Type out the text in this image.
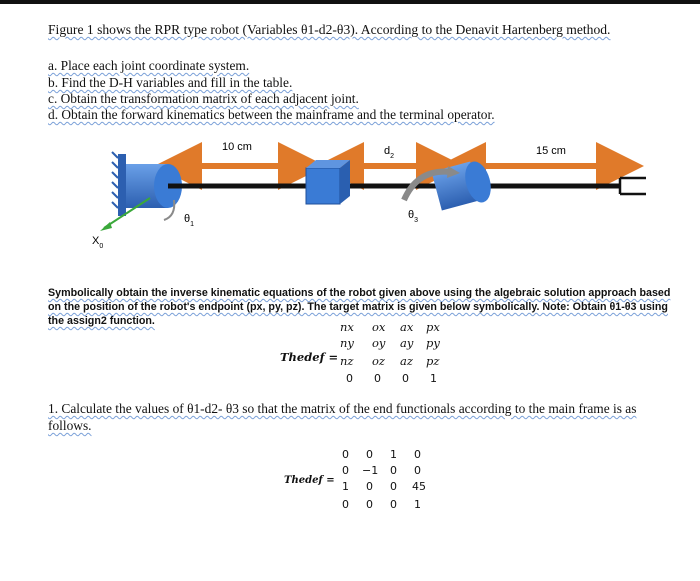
Figure 1 shows the RPR type robot (Variables θ1-d2-θ3). According to the Denavit Hartenberg method.
a. Place each joint coordinate system.
b. Find the D-H variables and fill in the table.
c. Obtain the transformation matrix of each adjacent joint.
d. Obtain the forward kinematics between the mainframe and the terminal operator.
10 cm	$d_2$	15 cm
$\theta_1$
$\theta_3$
$X_0$
Symbolically obtain the inverse kinematic equations of the robot given above using the algebraic solution approach based on the position of the robot's endpoint (px, py, pz). The target matrix is given below symbolically. Note: Obtain θ1-θ3 using the assign2 function.
Thedef =
nx ox ax px
ny oy ay py
nz oz az pz
0 0 0 1
1. Calculate the values of θ1-d2- θ3 so that the matrix of the end functionals according to the main frame is as follows.
Thedef =
0 0 1 0
0 −1 0 0
1 0 0 45
0 0 0 1
